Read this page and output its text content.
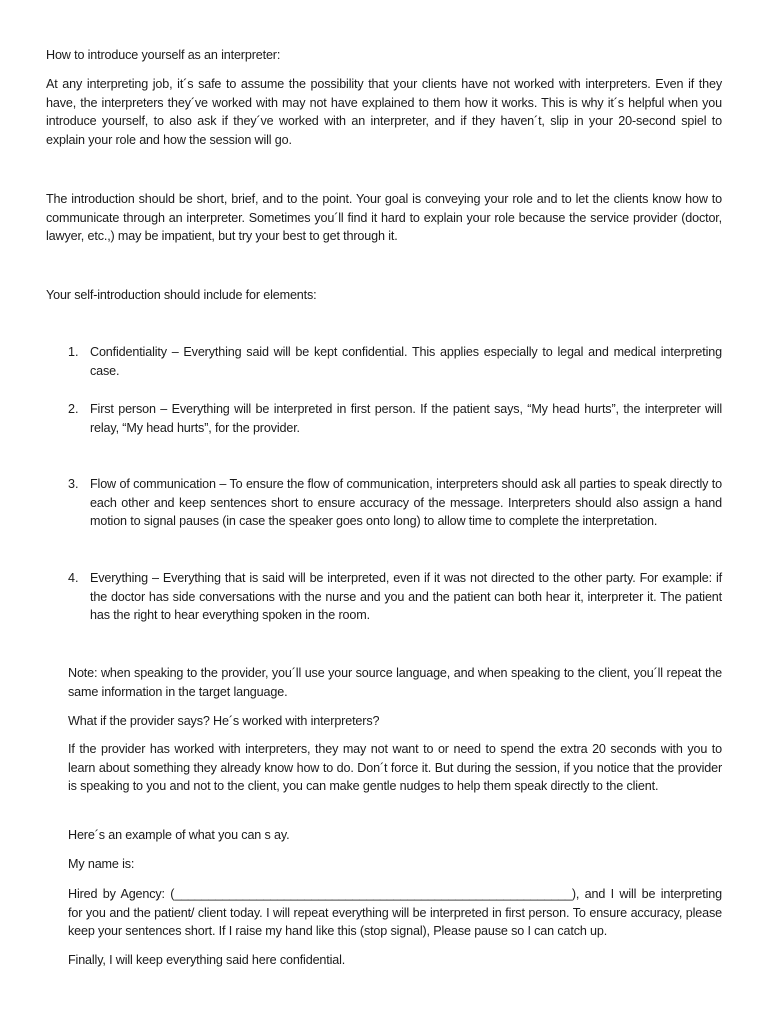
How to introduce yourself as an interpreter:

At any interpreting job, it´s safe to assume the possibility that your clients have not worked with interpreters. Even if they have, the interpreters they´ve worked with may not have explained to them how it works. This is why it´s helpful when you introduce yourself, to also ask if they´ve worked with an interpreter, and if they haven´t, slip in your 20-second spiel to explain your role and how the session will go.

The introduction should be short, brief, and to the point. Your goal is conveying your role and to let the clients know how to communicate through an interpreter. Sometimes you´ll find it hard to explain your role because the service provider (doctor, lawyer, etc.,) may be impatient, but try your best to get through it.

Your self-introduction should include for elements:

1. Confidentiality – Everything said will be kept confidential. This applies especially to legal and medical interpreting case.

2. First person – Everything will be interpreted in first person. If the patient says, “My head hurts”, the interpreter will relay, “My head hurts”, for the provider.

3. Flow of communication – To ensure the flow of communication, interpreters should ask all parties to speak directly to each other and keep sentences short to ensure accuracy of the message. Interpreters should also assign a hand motion to signal pauses (in case the speaker goes onto long) to allow time to complete the interpretation.

4. Everything – Everything that is said will be interpreted, even if it was not directed to the other party. For example: if the doctor has side conversations with the nurse and you and the patient can both hear it, interpreter it. The patient has the right to hear everything spoken in the room.

Note: when speaking to the provider, you´ll use your source language, and when speaking to the client, you´ll repeat the same information in the target language.

What if the provider says? He´s worked with interpreters?

If the provider has worked with interpreters, they may not want to or need to spend the extra 20 seconds with you to learn about something they already know how to do. Don´t force it. But during the session, if you notice that the provider is speaking to you and not to the client, you can make gentle nudges to help them speak directly to the client.

Here´s an example of what you can s ay.

My name is:

Hired by Agency: (__________________________________________________________), and I will be interpreting for you and the patient/ client today. I will repeat everything will be interpreted in first person. To ensure accuracy, please keep your sentences short. If I raise my hand like this (stop signal), Please pause so I can catch up.

Finally, I will keep everything said here confidential.
